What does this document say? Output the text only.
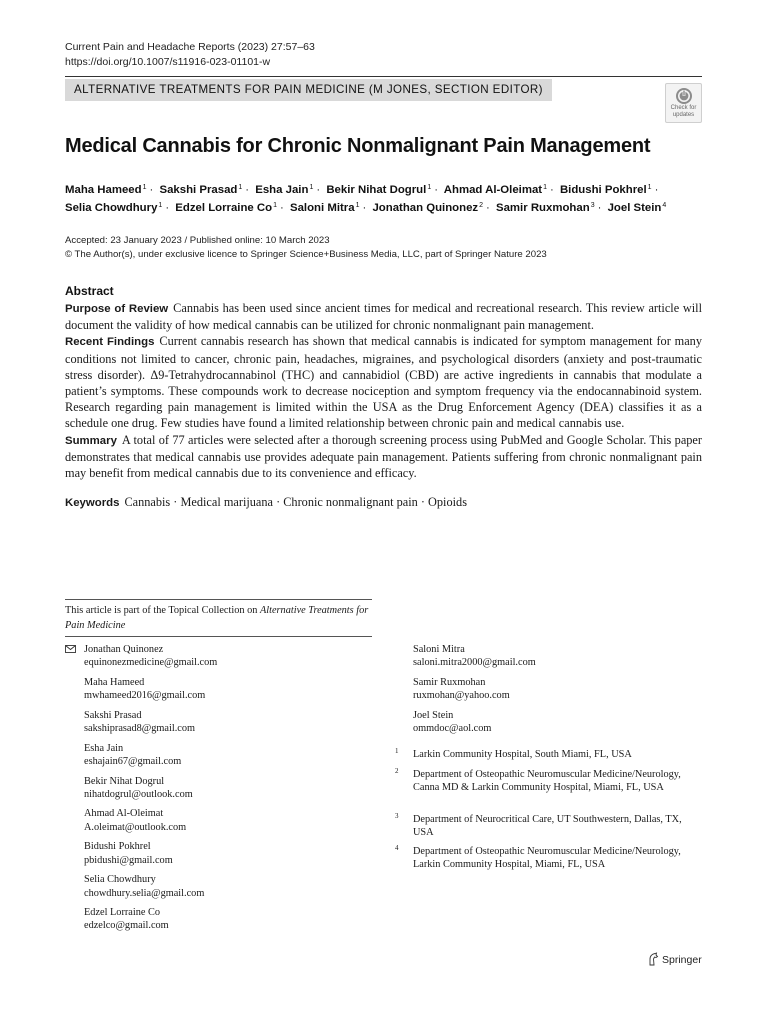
Current Pain and Headache Reports (2023) 27:57–63
https://doi.org/10.1007/s11916-023-01101-w
ALTERNATIVE TREATMENTS FOR PAIN MEDICINE (M JONES, SECTION EDITOR)
Check for
updates
Medical Cannabis for Chronic Nonmalignant Pain Management
Maha Hameed$^1$ · Sakshi Prasad$^1$ · Esha Jain$^1$ · Bekir Nihat Dogrul$^1$ · Ahmad Al-Oleimat$^1$ · Bidushi Pokhrel$^1$ ·
Selia Chowdhury$^1$ · Edzel Lorraine $Co^1$ · Saloni Mitra$^1$ · Jonathan Quinonez$^2$ · Samir Ruxmohan$^3$ · Joel Stein$^4$
Accepted: 23 January 2023 / Published online: 10 March 2023
© The Author(s), under exclusive licence to Springer Science+Business Media, LLC, part of Springer Nature 2023
Abstract

Purpose of Review Cannabis has been used since ancient times for medical and recreational research. This review article will document the validity of how medical cannabis can be utilized for chronic nonmalignant pain management.

Recent Findings Current cannabis research has shown that medical cannabis is indicated for symptom management for many conditions not limited to cancer, chronic pain, headaches, migraines, and psychological disorders (anxiety and post-traumatic stress disorder). Δ9-Tetrahydrocannabinol (THC) and cannabidiol (CBD) are active ingredients in cannabis that modulate a patient’s symptoms. These compounds work to decrease nociception and symptom frequency via the endocannabinoid system. Research regarding pain management is limited within the USA as the Drug Enforcement Agency (DEA) classifies it as a schedule one drug. Few studies have found a limited relationship between chronic pain and medical cannabis use.

Summary A total of 77 articles were selected after a thorough screening process using PubMed and Google Scholar. This paper demonstrates that medical cannabis use provides adequate pain management. Patients suffering from chronic nonmalignant pain may benefit from medical cannabis due to its convenience and efficacy.

Keywords Cannabis · Medical marijuana · Chronic nonmalignant pain · Opioids
This article is part of the Topical Collection on Alternative Treatments for Pain Medicine
Jonathan Quinonez
equinonezmedicine@gmail.com
Maha Hameed
mwhameed2016@gmail.com
Sakshi Prasad
sakshiprasad8@gmail.com
Esha Jain
eshajain67@gmail.com
Bekir Nihat Dogrul
nihatdogrul@outlook.com
Ahmad Al-Oleimat
A.oleimat@outlook.com
Bidushi Pokhrel
pbidushi@gmail.com
Selia Chowdhury
chowdhury.selia@gmail.com
Edzel Lorraine Co
edzelco@gmail.com
Saloni Mitra
saloni.mitra2000@gmail.com
Samir Ruxmohan
ruxmohan@yahoo.com
Joel Stein
ommdoc@aol.com
1 Larkin Community Hospital, South Miami, FL, USA
2 Department of Osteopathic Neuromuscular Medicine/Neurology, Canna MD & Larkin Community Hospital, Miami, FL, USA
3 Department of Neurocritical Care, UT Southwestern, Dallas, TX, USA
4 Department of Osteopathic Neuromuscular Medicine/Neurology, Larkin Community Hospital, Miami, FL, USA
Springer
